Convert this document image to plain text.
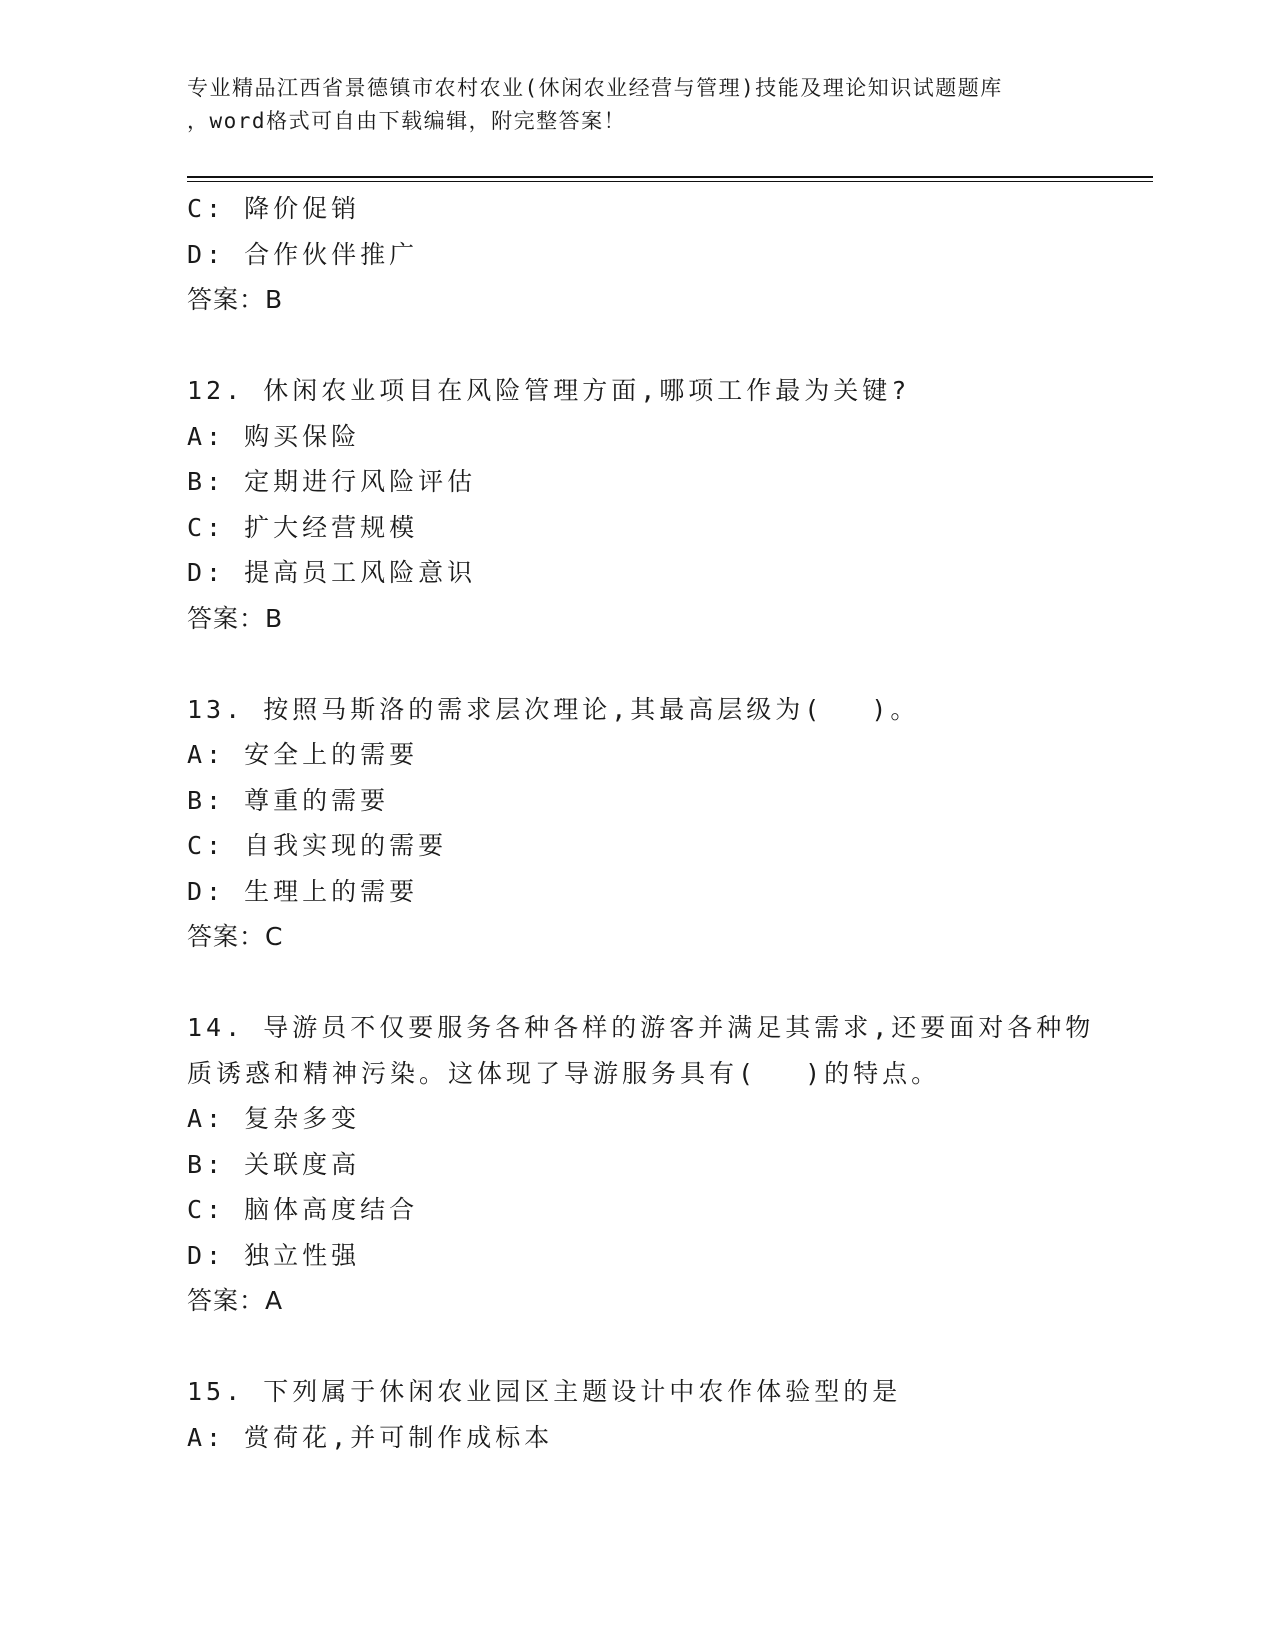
专业精品江西省景德镇市农村农业(休闲农业经营与管理)技能及理论知识试题题库
，word格式可自由下载编辑，附完整答案！
C: 降价促销
D: 合作伙伴推广
答案：B
12. 休闲农业项目在风险管理方面,哪项工作最为关键?
A: 购买保险
B: 定期进行风险评估
C: 扩大经营规模
D: 提高员工风险意识
答案：B
13. 按照马斯洛的需求层次理论,其最高层级为(　 )。
A: 安全上的需要
B: 尊重的需要
C: 自我实现的需要
D: 生理上的需要
答案：C
14. 导游员不仅要服务各种各样的游客并满足其需求,还要面对各种物
质诱惑和精神污染。这体现了导游服务具有(　 )的特点。
A: 复杂多变
B: 关联度高
C: 脑体高度结合
D: 独立性强
答案：A
15. 下列属于休闲农业园区主题设计中农作体验型的是
A: 赏荷花,并可制作成标本
